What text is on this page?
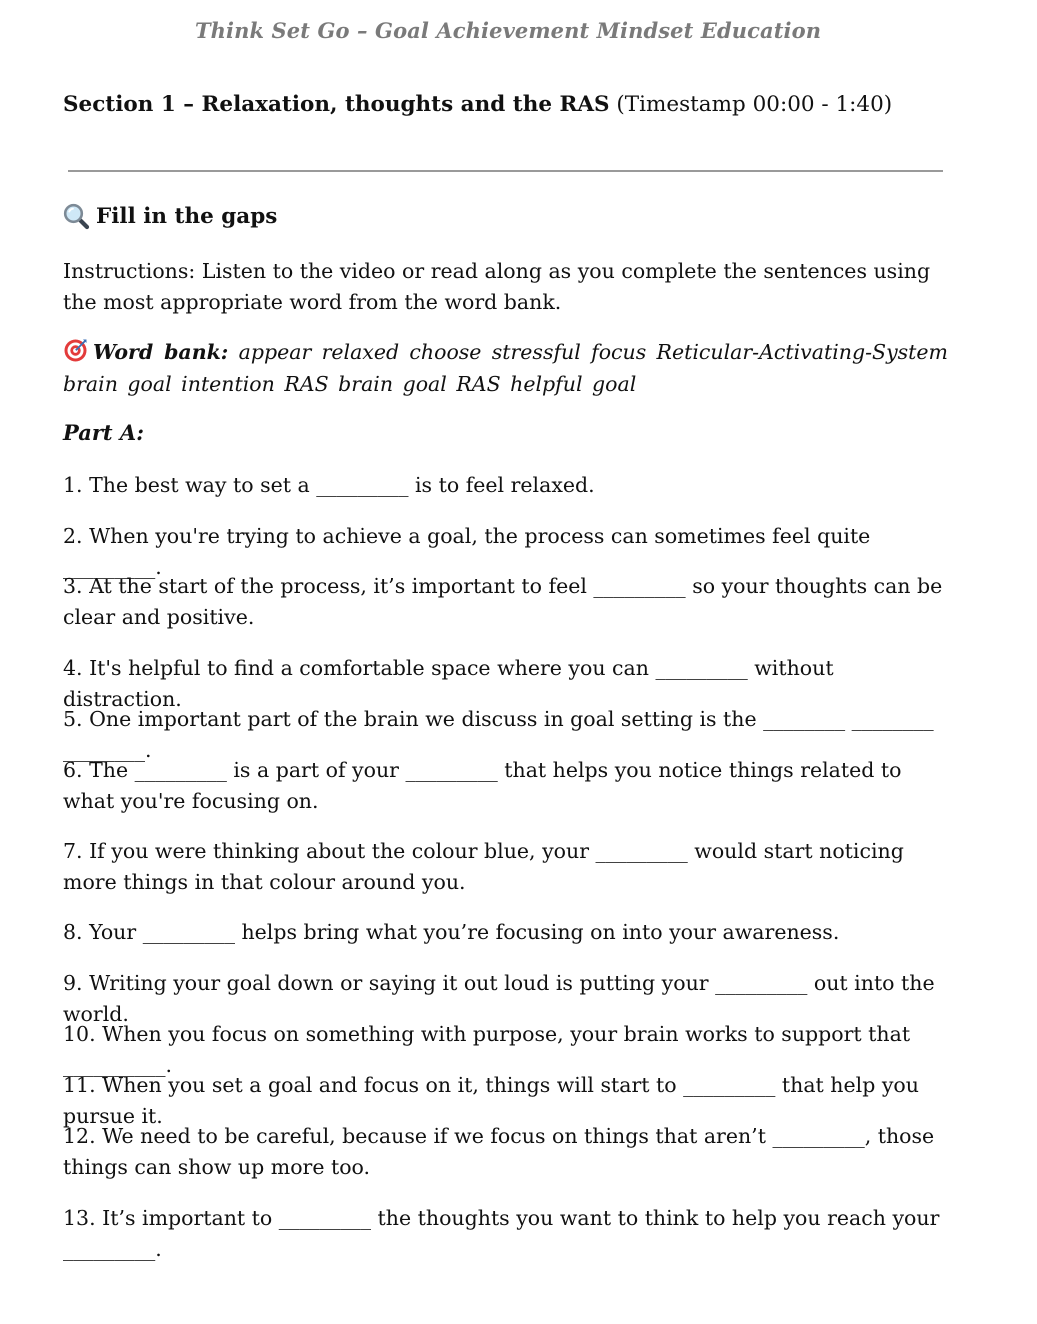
Think Set Go – Goal Achievement Mindset Education
Section 1 – Relaxation, thoughts and the RAS (Timestamp 00:00 - 1:40)
Fill in the gaps
Instructions: Listen to the video or read along as you complete the sentences using the most appropriate word from the word bank.
Word bank: appear relaxed choose stressful focus Reticular-Activating-System brain goal intention RAS brain goal RAS helpful goal
Part A:
1. The best way to set a _________ is to feel relaxed.
2. When you're trying to achieve a goal, the process can sometimes feel quite _________.
3. At the start of the process, it’s important to feel _________ so your thoughts can be clear and positive.
4. It's helpful to find a comfortable space where you can _________ without distraction.
5. One important part of the brain we discuss in goal setting is the ________ ________ ________.
6. The _________ is a part of your _________ that helps you notice things related to what you're focusing on.
7. If you were thinking about the colour blue, your _________ would start noticing more things in that colour around you.
8. Your _________ helps bring what you’re focusing on into your awareness.
9. Writing your goal down or saying it out loud is putting your _________ out into the world.
10. When you focus on something with purpose, your brain works to support that __________.
11. When you set a goal and focus on it, things will start to _________ that help you pursue it.
12. We need to be careful, because if we focus on things that aren’t _________, those things can show up more too.
13. It’s important to _________ the thoughts you want to think to help you reach your _________.
